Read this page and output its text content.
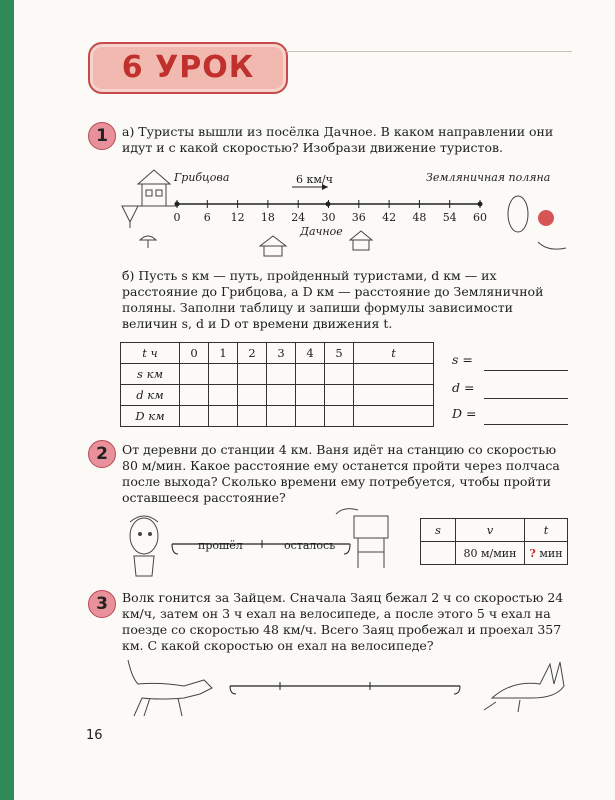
6 УРОК
1	а) Туристы вышли из посёлка Дачное. В каком направлении они идут и с какой скоростью? Изобрази движение туристов.
Грибцова	Земляничная поляна
6 км/ч
Дачное
0	6	12 18 24 30 36 42 48 54 60
б) Пусть s км — путь, пройденный туристами, d км — их расстояние до Грибцова, а D км — расстояние до Земляничной поляны. Заполни таблицу и запиши формулы зависимости величин s, d и D от времени движения t.
t ч	0	1	2	3	4	5	t
s км							
d км							
D км							
s =
d =
D =
2	От деревни до станции 4 км. Ваня идёт на станцию со скоростью 80 м/мин. Какое расстояние ему останется пройти через полчаса после выхода? Сколько времени ему потребуется, чтобы пройти оставшееся расстояние?
прошёл	осталось
s	v	t
	80 м/мин	? мин
3	Волк гонится за Зайцем. Сначала Заяц бежал 2 ч со скоростью 24 км/ч, затем он 3 ч ехал на велосипеде, а после этого 5 ч ехал на поезде со скоростью 48 км/ч. Всего Заяц пробежал и проехал 357 км. С какой скоростью он ехал на велосипеде?
16
